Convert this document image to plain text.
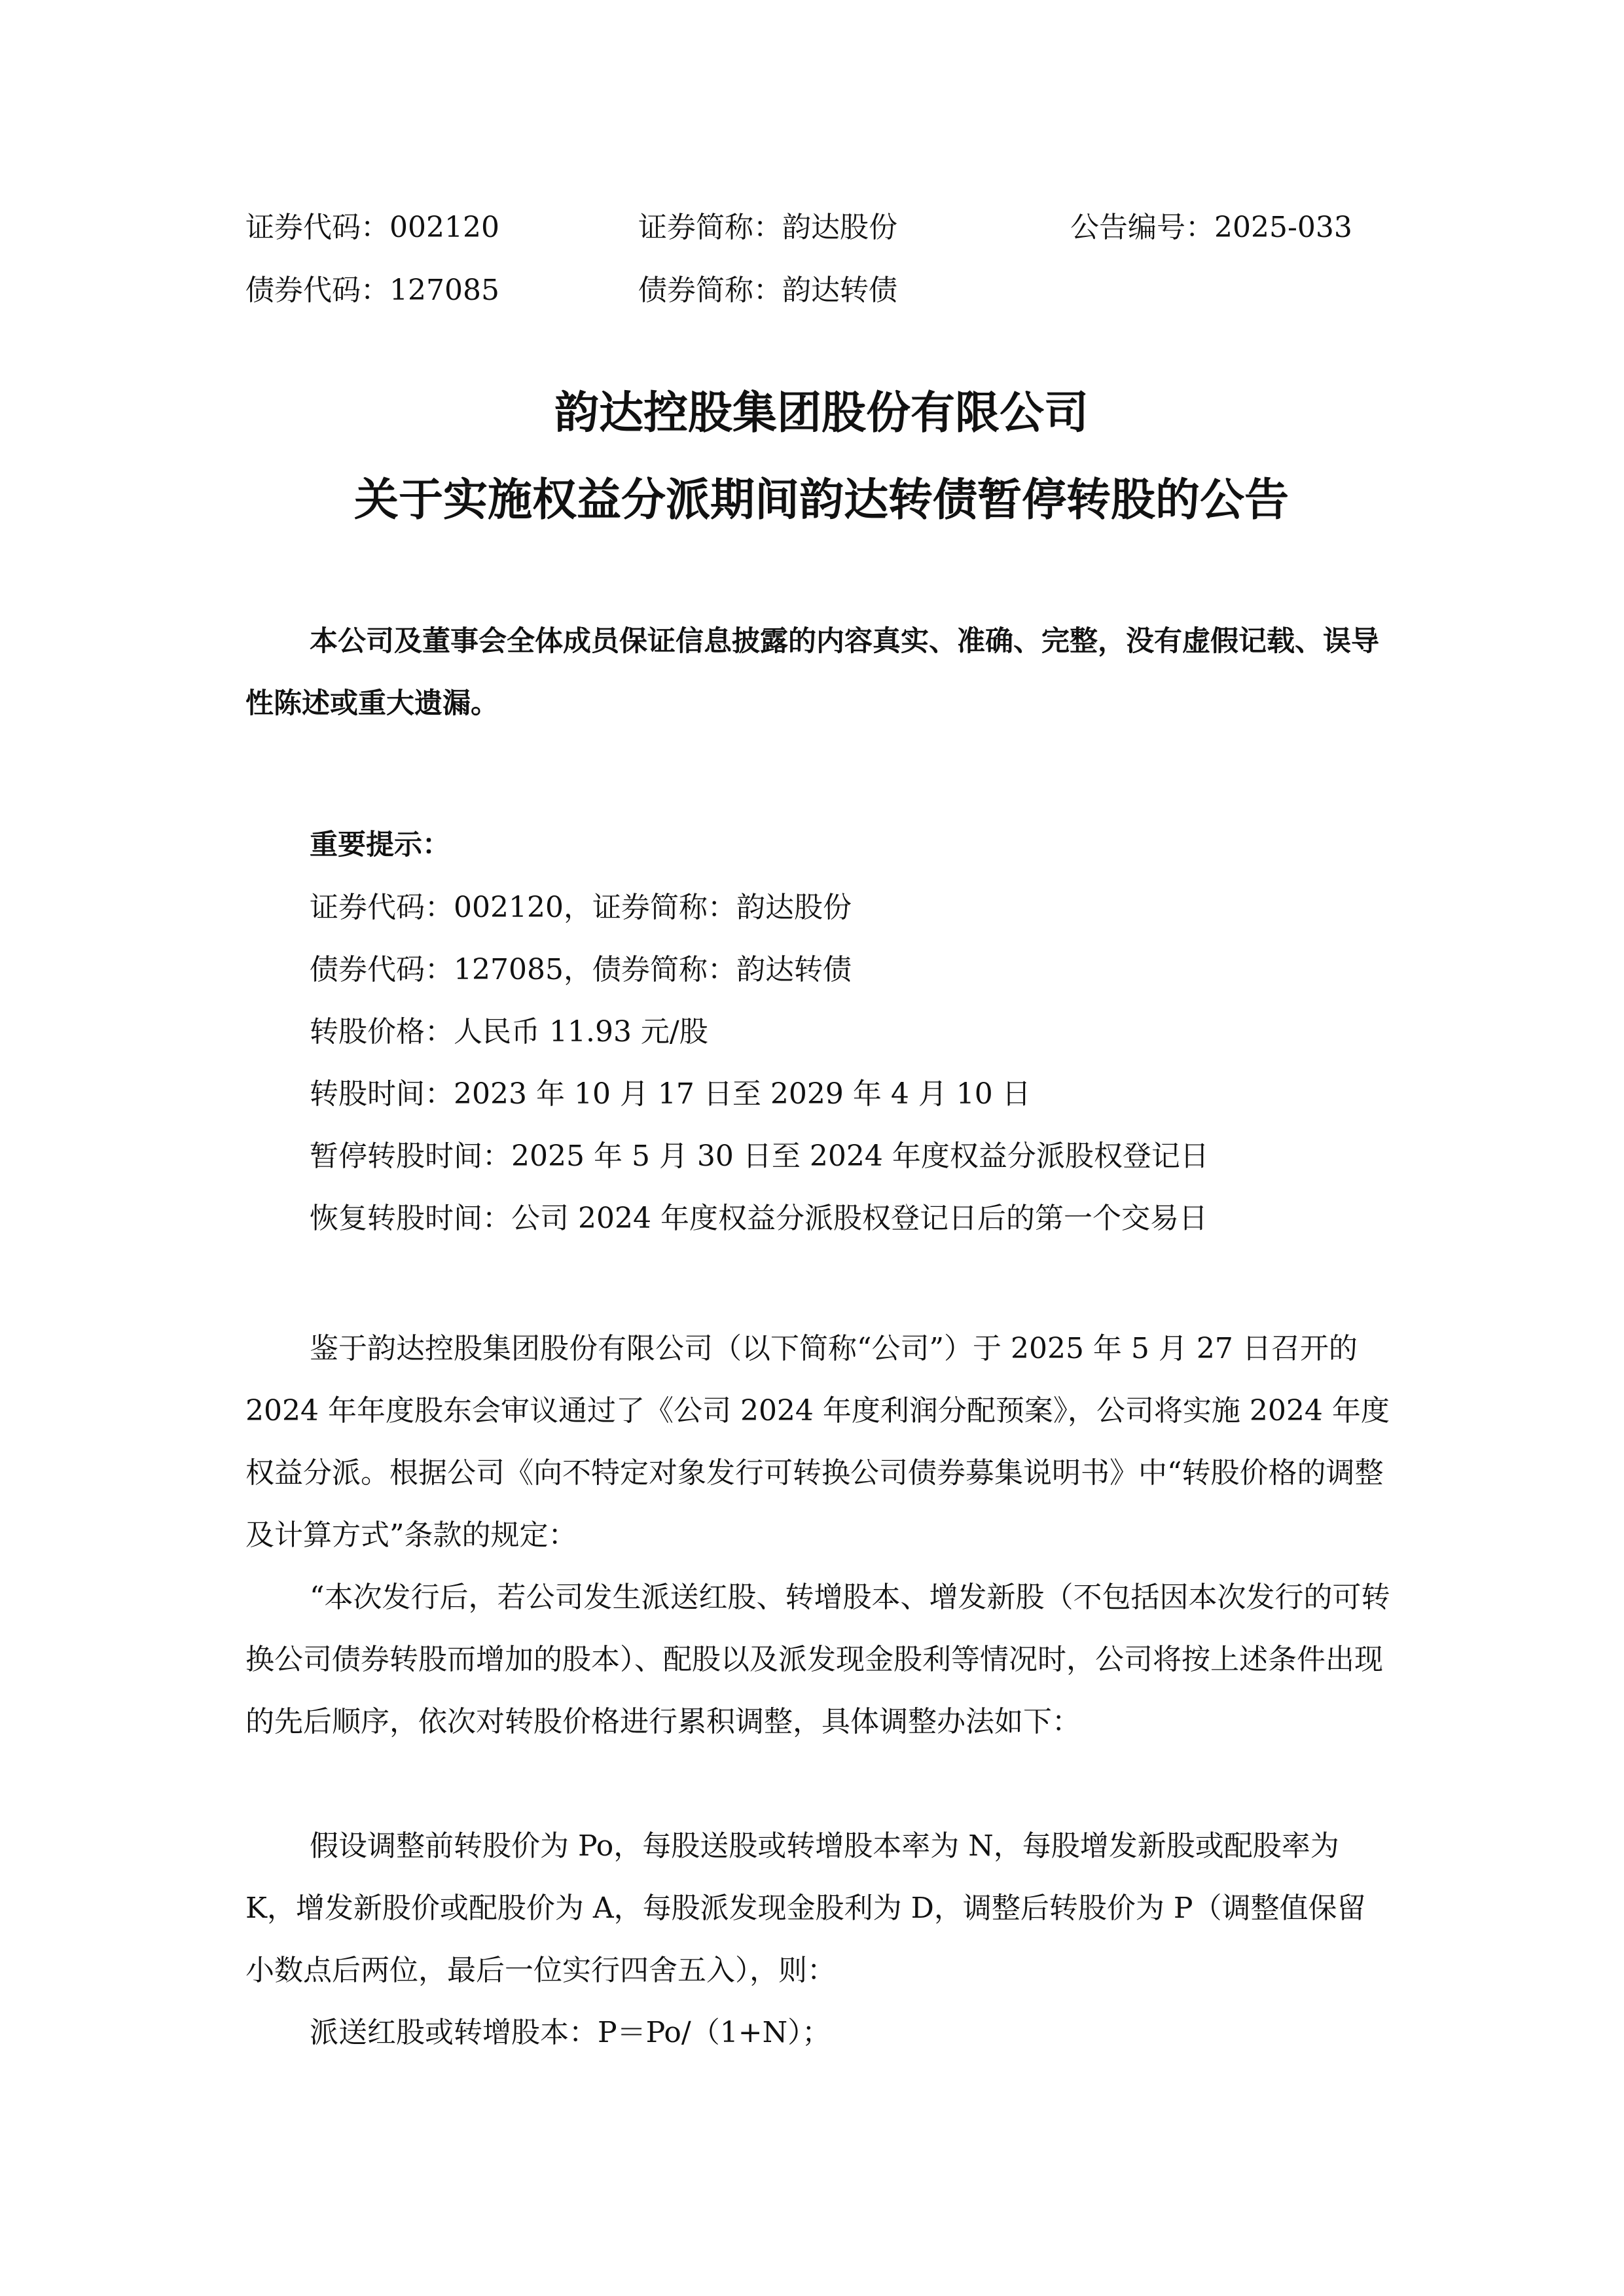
证券代码：002120	证券简称：韵达股份	公告编号：2025-033
债券代码：127085	债券简称：韵达转债
韵达控股集团股份有限公司
关于实施权益分派期间韵达转债暂停转股的公告

本公司及董事会全体成员保证信息披露的内容真实、准确、完整，没有虚假记载、误导性陈述或重大遗漏。

重要提示：
证券代码：002120，证券简称：韵达股份
债券代码：127085，债券简称：韵达转债
转股价格：人民币 11.93 元/股
转股时间：2023 年 10 月 17 日至 2029 年 4 月 10 日
暂停转股时间：2025 年 5 月 30 日至 2024 年度权益分派股权登记日
恢复转股时间：公司 2024 年度权益分派股权登记日后的第一个交易日

鉴于韵达控股集团股份有限公司（以下简称“公司”）于 2025 年 5 月 27 日召开的 2024 年年度股东会审议通过了《公司 2024 年度利润分配预案》，公司将实施 2024 年度权益分派。根据公司《向不特定对象发行可转换公司债券募集说明书》中“转股价格的调整及计算方式”条款的规定：

“本次发行后，若公司发生派送红股、转增股本、增发新股（不包括因本次发行的可转换公司债券转股而增加的股本）、配股以及派发现金股利等情况时，公司将按上述条件出现的先后顺序，依次对转股价格进行累积调整，具体调整办法如下：

假设调整前转股价为 Po，每股送股或转增股本率为 N，每股增发新股或配股率为 K，增发新股价或配股价为 A，每股派发现金股利为 D，调整后转股价为 P（调整值保留小数点后两位，最后一位实行四舍五入），则：

派送红股或转增股本：P＝Po/（1+N）；
